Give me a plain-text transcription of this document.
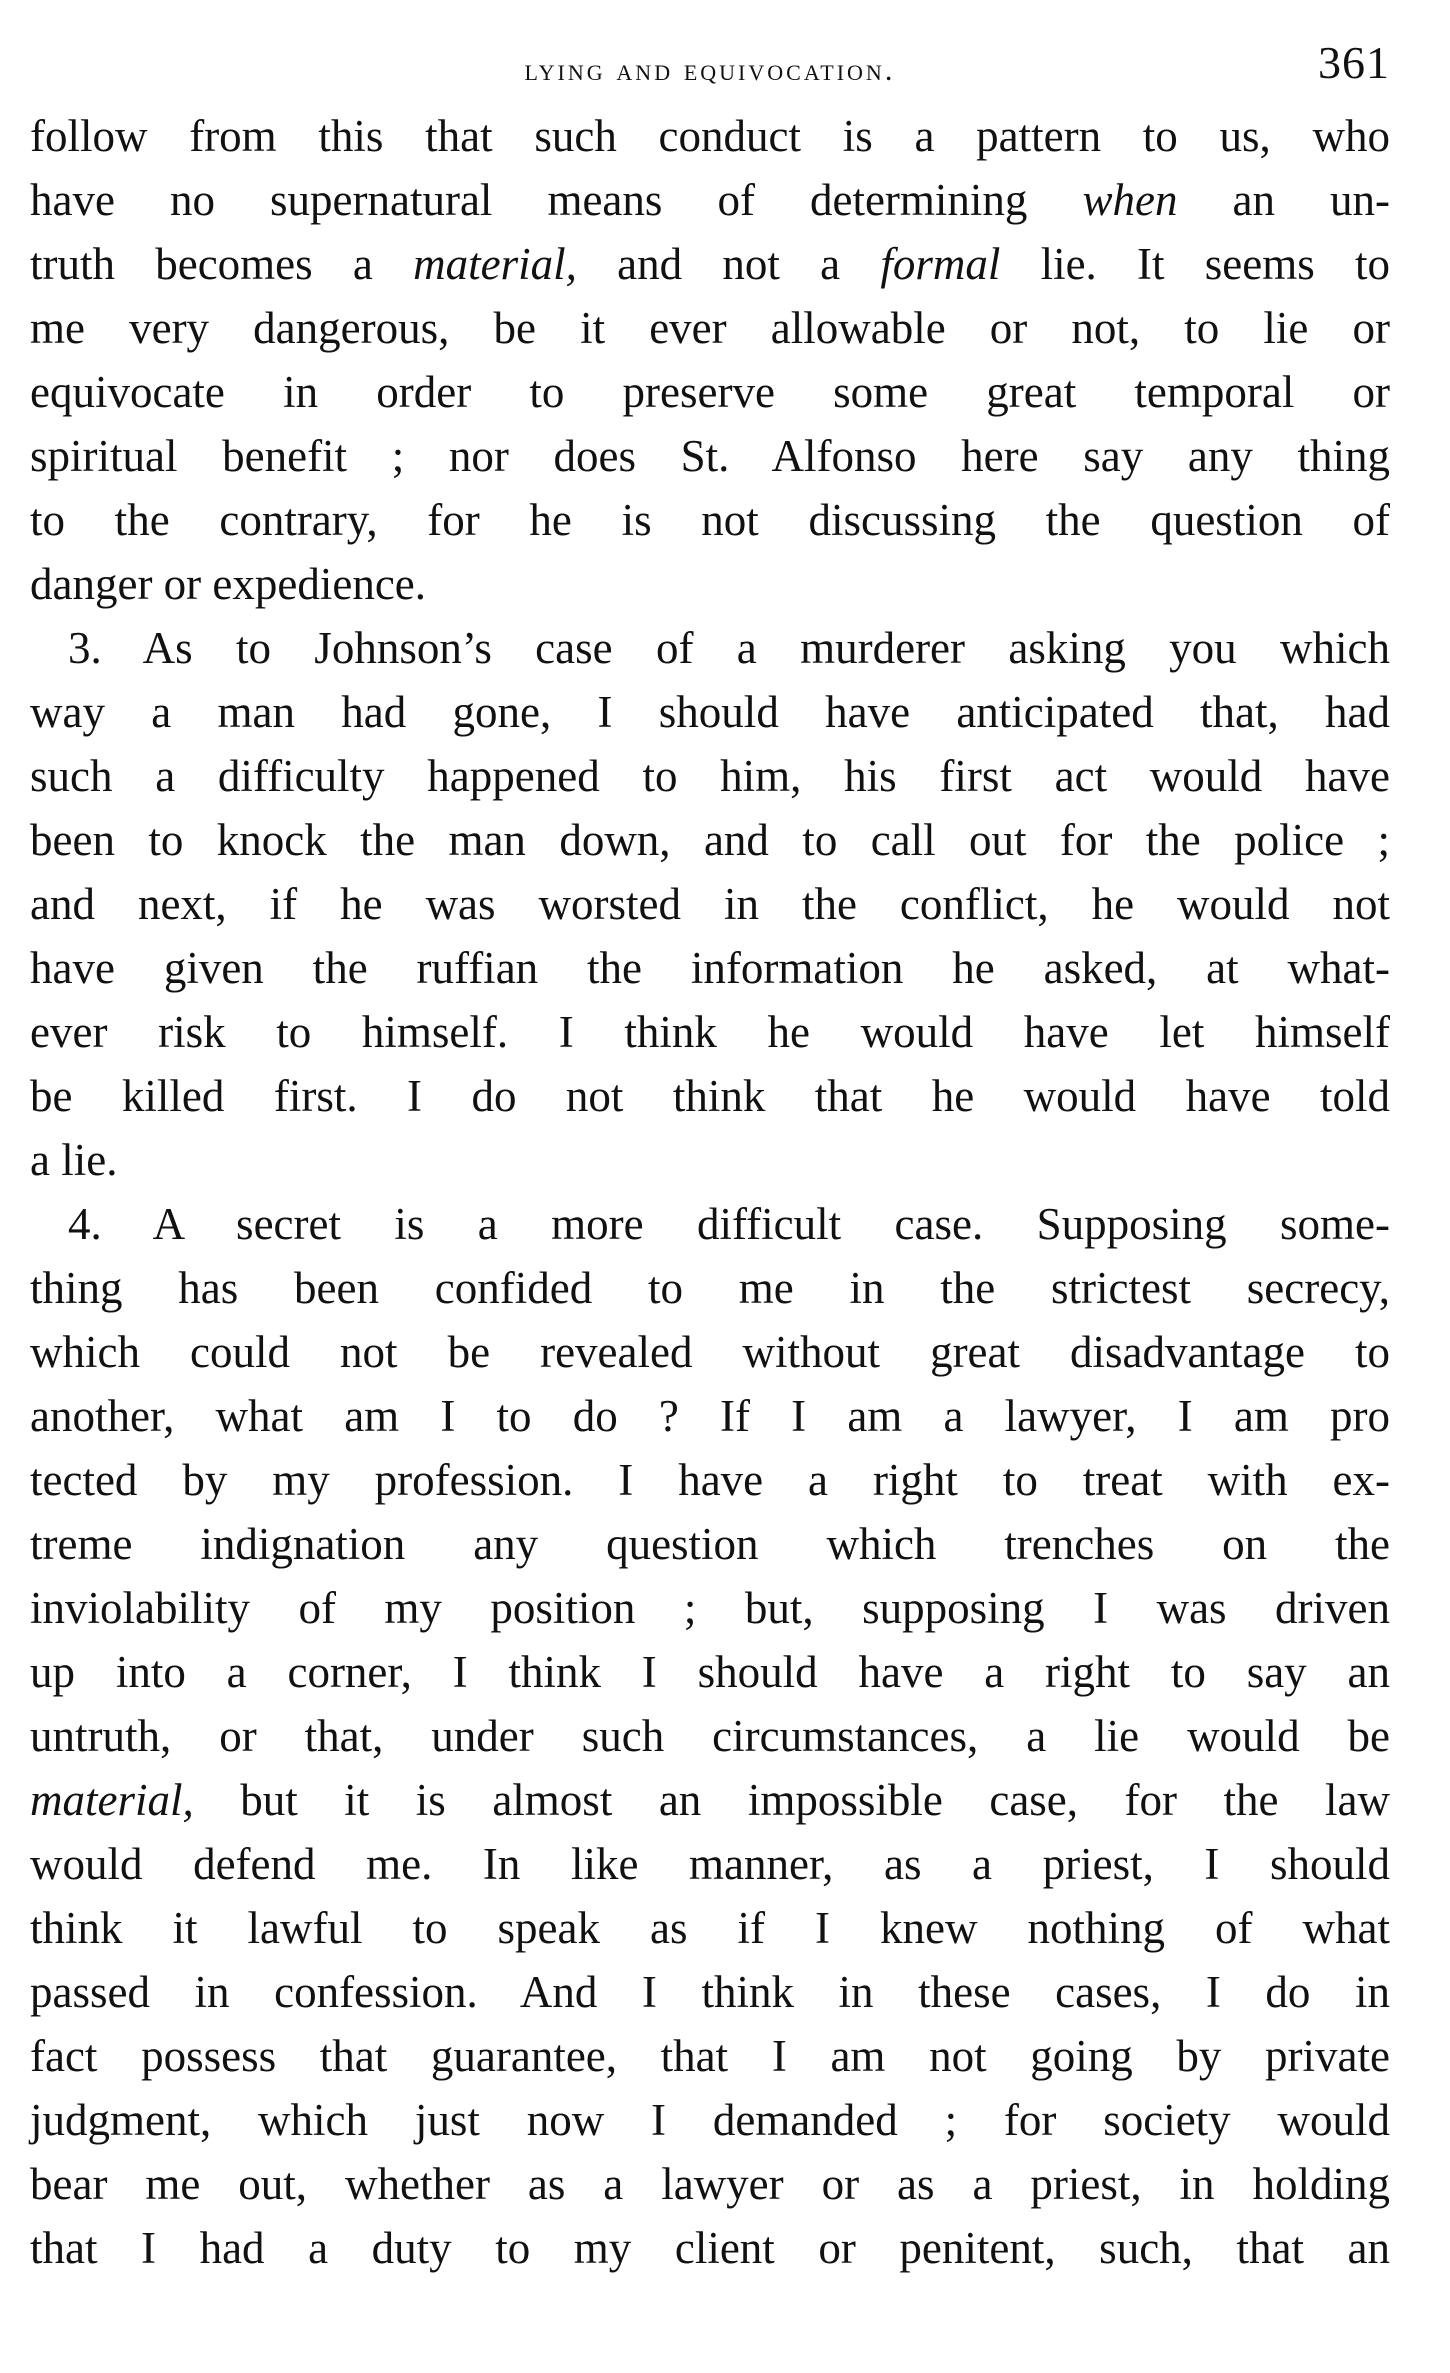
lying and equivocation.	361
follow from this that such conduct is a pattern to us, who
have no supernatural means of determining when an un-
truth becomes a material, and not a formal lie. It seems to
me very dangerous, be it ever allowable or not, to lie or
equivocate in order to preserve some great temporal or
spiritual benefit ; nor does St. Alfonso here say any thing
to the contrary, for he is not discussing the question of
danger or expedience.
3. As to Johnson’s case of a murderer asking you which
way a man had gone, I should have anticipated that, had
such a difficulty happened to him, his first act would have
been to knock the man down, and to call out for the police ;
and next, if he was worsted in the conflict, he would not
have given the ruffian the information he asked, at what-
ever risk to himself. I think he would have let himself
be killed first. I do not think that he would have told
a lie.
4. A secret is a more difficult case. Supposing some-
thing has been confided to me in the strictest secrecy,
which could not be revealed without great disadvantage to
another, what am I to do ? If I am a lawyer, I am pro
tected by my profession. I have a right to treat with ex-
treme indignation any question which trenches on the
inviolability of my position ; but, supposing I was driven
up into a corner, I think I should have a right to say an
untruth, or that, under such circumstances, a lie would be
material, but it is almost an impossible case, for the law
would defend me. In like manner, as a priest, I should
think it lawful to speak as if I knew nothing of what
passed in confession. And I think in these cases, I do in
fact possess that guarantee, that I am not going by private
judgment, which just now I demanded ; for society would
bear me out, whether as a lawyer or as a priest, in holding
that I had a duty to my client or penitent, such, that an
